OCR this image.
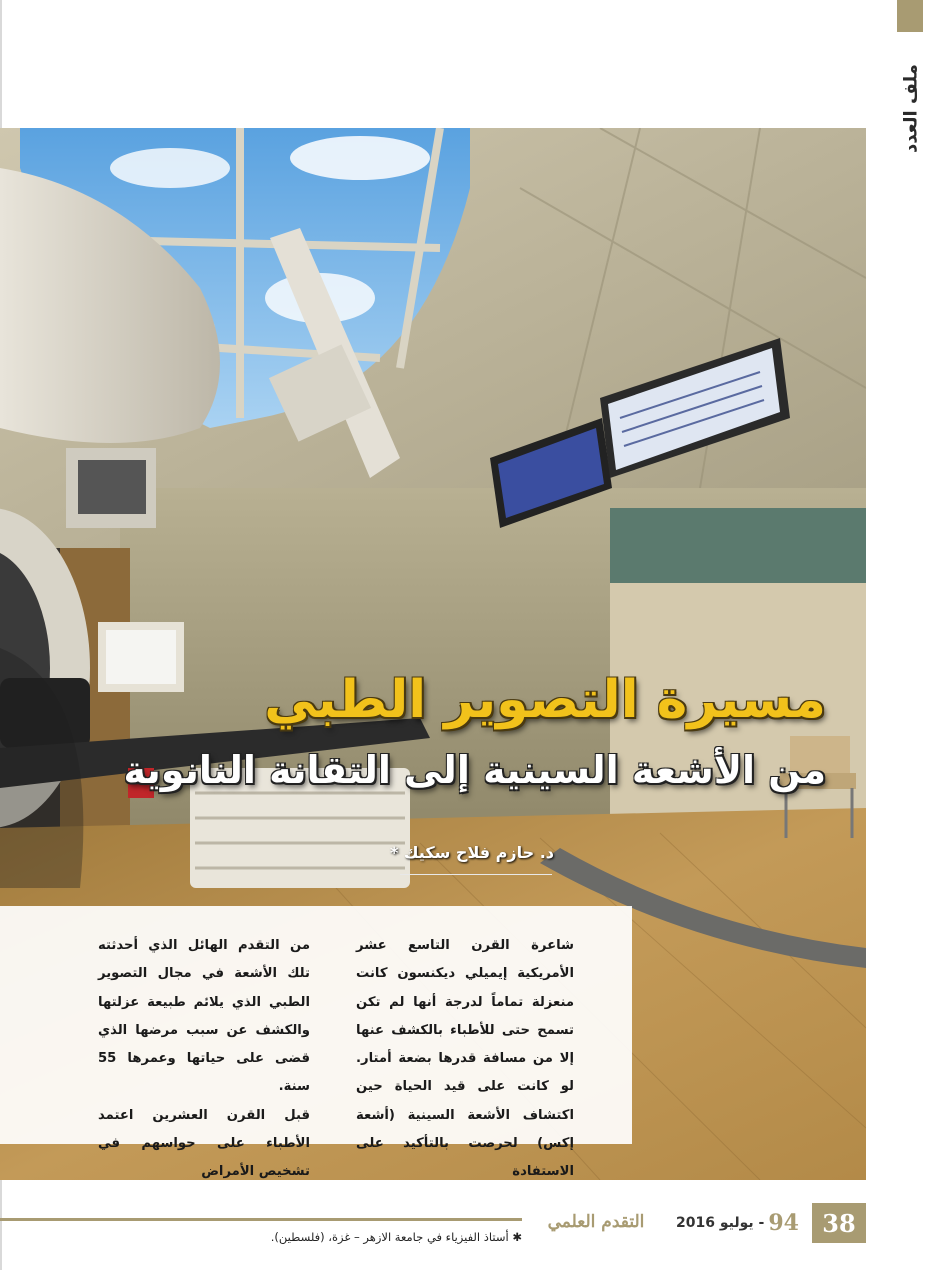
ملف العدد
مسيرة التصوير الطبي
من الأشعة السينية إلى التقانة النانوية
د. حازم فلاح سكيك *

شاعرة القرن التاسع عشر الأمريكية إيميلي ديكنسون كانت منعزلة تماماً لدرجة أنها لم تكن تسمح حتى للأطباء بالكشف عنها إلا من مسافة قدرها بضعة أمتار. لو كانت على قيد الحياة حين اكتشاف الأشعة السينية (أشعة إكس) لحرصت بالتأكيد على الاستفادة

من التقدم الهائل الذي أحدثته تلك الأشعة في مجال التصوير الطبي الذي يلائم طبيعة عزلتها والكشف عن سبب مرضها الذي قضى على حياتها وعمرها 55 سنة.

قبل القرن العشرين اعتمد الأطباء على حواسهم في تشخيص الأمراض

✱ أستاذ الفيزياء في جامعة الازهر – غزة، (فلسطين).
التقدم العلمي	94
- يوليو 2016	38
